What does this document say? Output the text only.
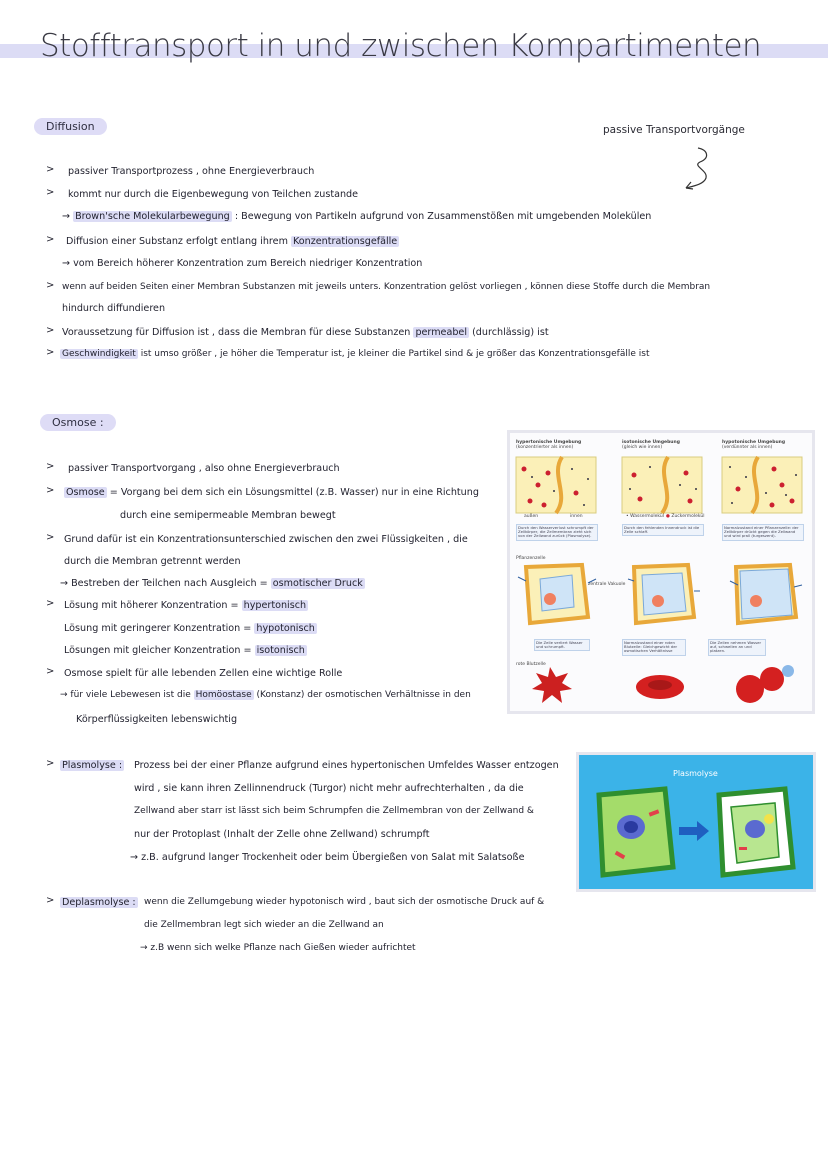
Stofftransport in und zwischen Kompartimenten
passive Transportvorgänge
Diffusion
> passiver Transportprozess , ohne Energieverbrauch
> kommt nur durch die Eigenbewegung von Teilchen zustande
→ Brown'sche Molekularbewegung : Bewegung von Partikeln aufgrund von Zusammenstößen mit umgebenden Molekülen
> Diffusion einer Substanz erfolgt entlang ihrem Konzentrationsgefälle
→ vom Bereich höherer Konzentration zum Bereich niedriger Konzentration
> wenn auf beiden Seiten einer Membran Substanzen mit jeweils unters. Konzentration gelöst vorliegen , können diese Stoffe durch die Membran
hindurch diffundieren
> Voraussetzung für Diffusion ist , dass die Membran für diese Substanzen permeabel (durchlässig) ist
> Geschwindigkeit ist umso größer , je höher die Temperatur ist, je kleiner die Partikel sind & je größer das Konzentrationsgefälle ist
Osmose :
> passiver Transportvorgang , also ohne Energieverbrauch
> Osmose = Vorgang bei dem sich ein Lösungsmittel (z.B. Wasser) nur in eine Richtung
durch eine semipermeable Membran bewegt
> Grund dafür ist ein Konzentrationsunterschied zwischen den zwei Flüssigkeiten , die
durch die Membran getrennt werden
→ Bestreben der Teilchen nach Ausgleich = osmotischer Druck
> Lösung mit höherer Konzentration = hypertonisch
Lösung mit geringerer Konzentration = hypotonisch
Lösungen mit gleicher Konzentration = isotonisch
> Osmose spielt für alle lebenden Zellen eine wichtige Rolle
→ für viele Lebewesen ist die Homöostase (Konstanz) der osmotischen Verhältnisse in den
Körperflüssigkeiten lebenswichtig
hypertonische Umgebung
(konzentrierter als innen)
isotonische Umgebung
(gleich wie innen)
hypotonische Umgebung
(verdünnter als innen)
außen	innen	• Wassermolekül ● Zuckermolekül
Durch den Wasserverlust schrumpft der Zellkörper, die Zellmembran zieht sich von der Zellwand zurück (Plasmolyse).
Durch den fehlenden Innendruck ist die Zelle schlaff.
Normalzustand einer Pflanzenzelle: der Zellkörper drückt gegen die Zellwand und wird prall (turgeszent).
Pflanzenzelle
zentrale Vakuole
Die Zelle verliert Wasser und schrumpft.
Normalzustand einer roten Blutzelle: Gleichgewicht der osmotischen Verhältnisse
Die Zellen nehmen Wasser auf, schwellen an und platzen.
rote Blutzelle
> Plasmolyse : Prozess bei der einer Pflanze aufgrund eines hypertonischen Umfeldes Wasser entzogen
wird , sie kann ihren Zellinnendruck (Turgor) nicht mehr aufrechterhalten , da die
Zellwand aber starr ist lässt sich beim Schrumpfen die Zellmembran von der Zellwand &
nur der Protoplast (Inhalt der Zelle ohne Zellwand) schrumpft
→ z.B. aufgrund langer Trockenheit oder beim Übergießen von Salat mit Salatsoße
Plasmolyse
> Deplasmolyse : wenn die Zellumgebung wieder hypotonisch wird , baut sich der osmotische Druck auf &
die Zellmembran legt sich wieder an die Zellwand an
→ z.B wenn sich welke Pflanze nach Gießen wieder aufrichtet
